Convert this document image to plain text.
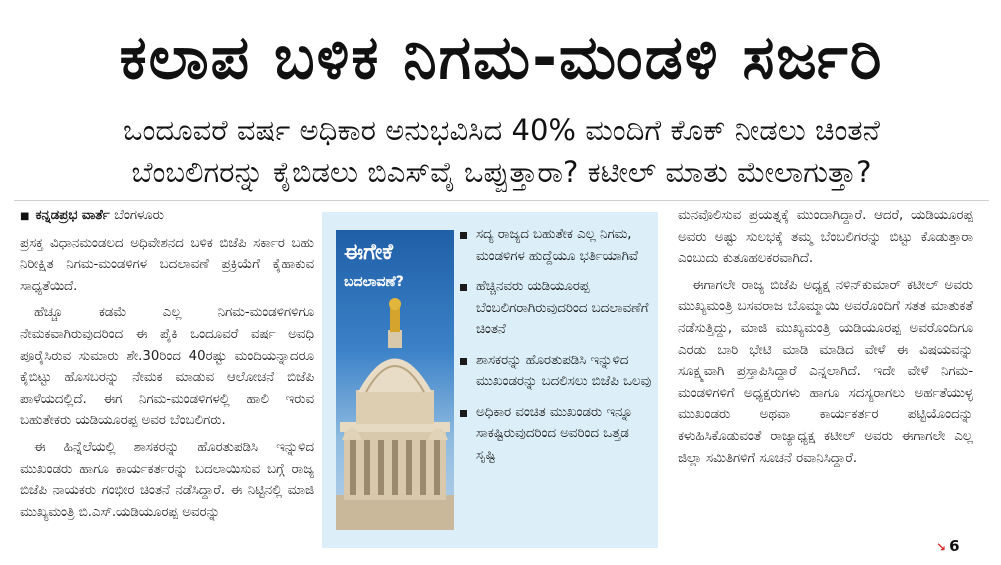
ಕಲಾಪ ಬಳಿಕ ನಿಗಮ-ಮಂಡಳಿ ಸರ್ಜರಿ
ಒಂದೂವರೆ ವರ್ಷ ಅಧಿಕಾರ ಅನುಭವಿಸಿದ 40% ಮಂದಿಗೆ ಕೊಕ್ ನೀಡಲು ಚಿಂತನೆ
ಬೆಂಬಲಿಗರನ್ನು ಕೈಬಿಡಲು ಬಿಎಸ್‌ವೈ ಒಪ್ಪುತ್ತಾರಾ? ಕಟೀಲ್ ಮಾತು ಮೇಲಾಗುತ್ತಾ?

■ ಕನ್ನಡಪ್ರಭ ವಾರ್ತೆ ಬೆಂಗಳೂರು

ಪ್ರಸಕ್ತ ವಿಧಾನಮಂಡಲದ ಅಧಿವೇಶನದ ಬಳಿಕ ಬಿಜೆಪಿ ಸರ್ಕಾರ ಬಹು ನಿರೀಕ್ಷಿತ ನಿಗಮ-ಮಂಡಳಿಗಳ ಬದಲಾವಣೆ ಪ್ರಕ್ರಿಯೆಗೆ ಕೈಹಾಕುವ ಸಾಧ್ಯತೆಯಿದೆ.

ಹೆಚ್ಚೂ ಕಡಮೆ ಎಲ್ಲ ನಿಗಮ-ಮಂಡಳಿಗಳಿಗೂ ನೇಮಕವಾಗಿರುವುದರಿಂದ ಈ ಪೈಕಿ ಒಂದೂವರೆ ವರ್ಷ ಅವಧಿ ಪೂರೈಸಿರುವ ಸುಮಾರು ಶೇ.30ರಿಂದ 40ರಷ್ಟು ಮಂದಿಯನ್ನಾದರೂ ಕೈಬಿಟ್ಟು ಹೊಸಬರನ್ನು ನೇಮಕ ಮಾಡುವ ಆಲೋಚನೆ ಬಿಜೆಪಿ ಪಾಳೆಯದಲ್ಲಿದೆ. ಈಗ ನಿಗಮ-ಮಂಡಳಿಗಳಲ್ಲಿ ಹಾಲಿ ಇರುವ ಬಹುತೇಕರು ಯಡಿಯೂರಪ್ಪ ಅವರ ಬೆಂಬಲಿಗರು.

ಈ ಹಿನ್ನೆಲೆಯಲ್ಲಿ ಶಾಸಕರನ್ನು ಹೊರತುಪಡಿಸಿ ಇನ್ನುಳಿದ ಮುಖಂಡರು ಹಾಗೂ ಕಾರ್ಯಕರ್ತರನ್ನು ಬದಲಾಯಿಸುವ ಬಗ್ಗೆ ರಾಜ್ಯ ಬಿಜೆಪಿ ನಾಯಕರು ಗಂಭೀರ ಚಿಂತನೆ ನಡೆಸಿದ್ದಾರೆ. ಈ ನಿಟ್ಟಿನಲ್ಲಿ ಮಾಜಿ ಮುಖ್ಯಮಂತ್ರಿ ಬಿ.ಎಸ್.ಯಡಿಯೂರಪ್ಪ ಅವರನ್ನು

ಈಗೇಕೆ
ಬದಲಾವಣೆ?
ಸದ್ಯ ರಾಜ್ಯದ ಬಹುತೇಕ ಎಲ್ಲ ನಿಗಮ, ಮಂಡಳಿಗಳ ಹುದ್ದೆಯೂ ಭರ್ತಿಯಾಗಿವೆ
ಹೆಚ್ಚಿನವರು ಯಡಿಯೂರಪ್ಪ ಬೆಂಬಲಿಗರಾಗಿರುವುದರಿಂದ ಬದಲಾವಣೆಗೆ ಚಿಂತನೆ
ಶಾಸಕರನ್ನು ಹೊರತುಪಡಿಸಿ ಇನ್ನುಳಿದ ಮುಖಂಡರನ್ನು ಬದಲಿಸಲು ಬಿಜೆಪಿ ಒಲವು
ಅಧಿಕಾರ ವಂಚಿತ ಮುಖಂಡರು ಇನ್ನೂ ಸಾಕಷ್ಟಿರುವುದರಿಂದ ಅವರಿಂದ ಒತ್ತಡ ಸೃಷ್ಟಿ

ಮನವೊಲಿಸುವ ಪ್ರಯತ್ನಕ್ಕೆ ಮುಂದಾಗಿದ್ದಾರೆ. ಆದರೆ, ಯಡಿಯೂರಪ್ಪ ಅವರು ಅಷ್ಟು ಸುಲಭಕ್ಕೆ ತಮ್ಮ ಬೆಂಬಲಿಗರನ್ನು ಬಿಟ್ಟು ಕೊಡುತ್ತಾರಾ ಎಂಬುದು ಕುತೂಹಲಕರವಾಗಿದೆ.

ಈಗಾಗಲೇ ರಾಜ್ಯ ಬಿಜೆಪಿ ಅಧ್ಯಕ್ಷ ನಳಿನ್‌ಕುಮಾರ್ ಕಟೀಲ್ ಅವರು ಮುಖ್ಯಮಂತ್ರಿ ಬಸವರಾಜ ಬೊಮ್ಮಾಯಿ ಅವರೊಂದಿಗೆ ಸತತ ಮಾತುಕತೆ ನಡೆಸುತ್ತಿದ್ದು, ಮಾಜಿ ಮುಖ್ಯಮಂತ್ರಿ ಯಡಿಯೂರಪ್ಪ ಅವರೊಂದಿಗೂ ಎರಡು ಬಾರಿ ಭೇಟಿ ಮಾಡಿ ಮಾಡಿದ ವೇಳೆ ಈ ವಿಷಯವನ್ನು ಸೂಕ್ಷ್ಮವಾಗಿ ಪ್ರಸ್ತಾಪಿಸಿದ್ದಾರೆ ಎನ್ನಲಾಗಿದೆ. ಇದೇ ವೇಳೆ ನಿಗಮ-ಮಂಡಳಿಗಳಿಗೆ ಅಧ್ಯಕ್ಷರುಗಳು ಹಾಗೂ ಸದಸ್ಯರಾಗಲು ಅರ್ಹತೆಯುಳ್ಳ ಮುಖಂಡರು ಅಥವಾ ಕಾರ್ಯಕರ್ತರ ಪಟ್ಟಿಯೊಂದನ್ನು ಕಳುಹಿಸಿಕೊಡುವಂತೆ ರಾಜ್ಯಾಧ್ಯಕ್ಷ ಕಟೀಲ್ ಅವರು ಈಗಾಗಲೇ ಎಲ್ಲ ಜಿಲ್ಲಾ ಸಮಿತಿಗಳಿಗೆ ಸೂಚನೆ ರವಾನಿಸಿದ್ದಾರೆ.

↘ 6
